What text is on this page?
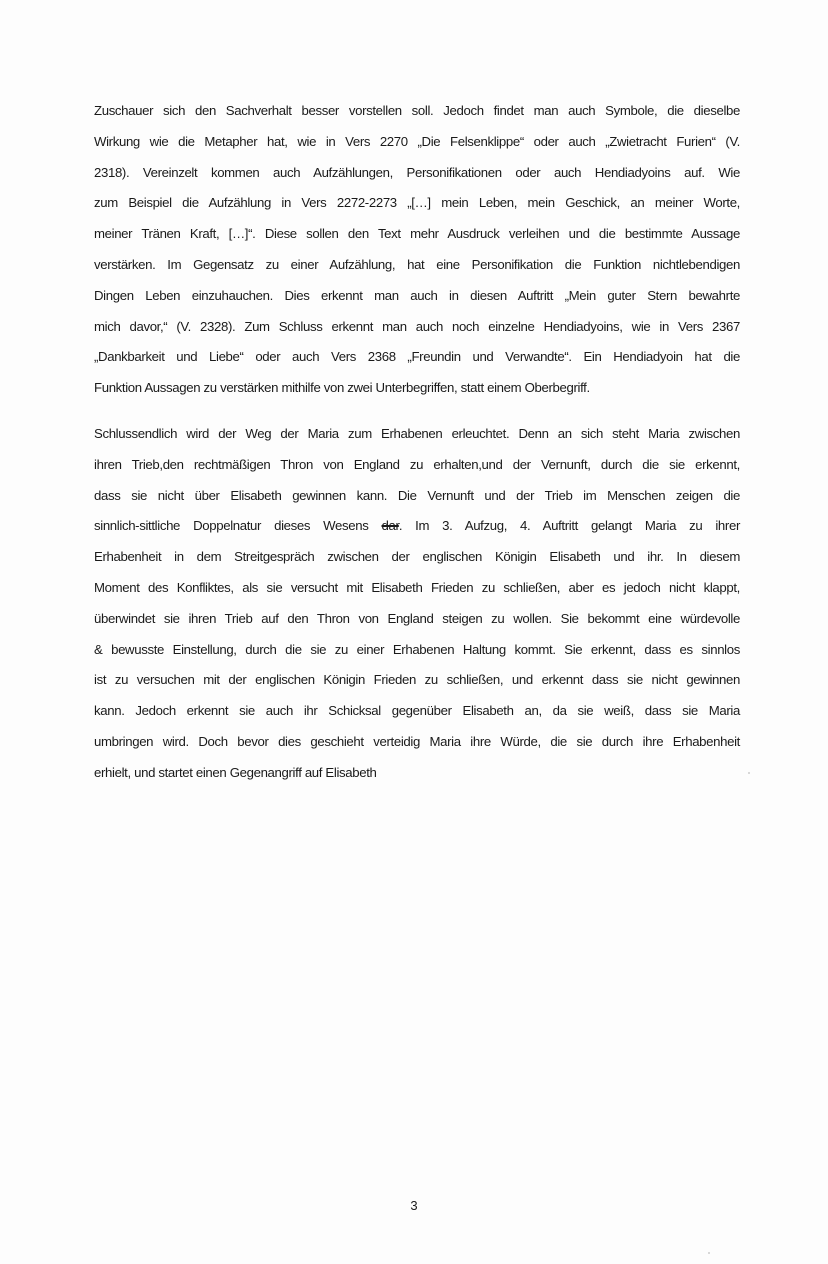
Zuschauer sich den Sachverhalt besser vorstellen soll. Jedoch findet man auch Symbole, die dieselbe
Wirkung wie die Metapher hat, wie in Vers 2270 „Die Felsenklippe“ oder auch „Zwietracht Furien“ (V.
2318). Vereinzelt kommen auch Aufzählungen, Personifikationen oder auch Hendiadyoins auf. Wie
zum Beispiel die Aufzählung in Vers 2272-2273 „[…] mein Leben, mein Geschick, an meiner Worte,
meiner Tränen Kraft, […]“. Diese sollen den Text mehr Ausdruck verleihen und die bestimmte Aussage
verstärken. Im Gegensatz zu einer Aufzählung, hat eine Personifikation die Funktion nichtlebendigen
Dingen Leben einzuhauchen. Dies erkennt man auch in diesen Auftritt „Mein guter Stern bewahrte
mich davor,“ (V. 2328). Zum Schluss erkennt man auch noch einzelne Hendiadyoins, wie in Vers 2367
„Dankbarkeit und Liebe“ oder auch Vers 2368 „Freundin und Verwandte“. Ein Hendiadyoin hat die
Funktion Aussagen zu verstärken mithilfe von zwei Unterbegriffen, statt einem Oberbegriff.
Schlussendlich wird der Weg der Maria zum Erhabenen erleuchtet. Denn an sich steht Maria zwischen
ihren Trieb,den rechtmäßigen Thron von England zu erhalten,und der Vernunft, durch die sie erkennt,
dass sie nicht über Elisabeth gewinnen kann. Die Vernunft und der Trieb im Menschen zeigen die
sinnlich-sittliche Doppelnatur dieses Wesens dar. Im 3. Aufzug, 4. Auftritt gelangt Maria zu ihrer
Erhabenheit in dem Streitgespräch zwischen der englischen Königin Elisabeth und ihr. In diesem
Moment des Konfliktes, als sie versucht mit Elisabeth Frieden zu schließen, aber es jedoch nicht klappt,
überwindet sie ihren Trieb auf den Thron von England steigen zu wollen. Sie bekommt eine würdevolle
& bewusste Einstellung, durch die sie zu einer Erhabenen Haltung kommt. Sie erkennt, dass es sinnlos
ist zu versuchen mit der englischen Königin Frieden zu schließen, und erkennt dass sie nicht gewinnen
kann. Jedoch erkennt sie auch ihr Schicksal gegenüber Elisabeth an, da sie weiß, dass sie Maria
umbringen wird. Doch bevor dies geschieht verteidig Maria ihre Würde, die sie durch ihre Erhabenheit
erhielt, und startet einen Gegenangriff auf Elisabeth
3
